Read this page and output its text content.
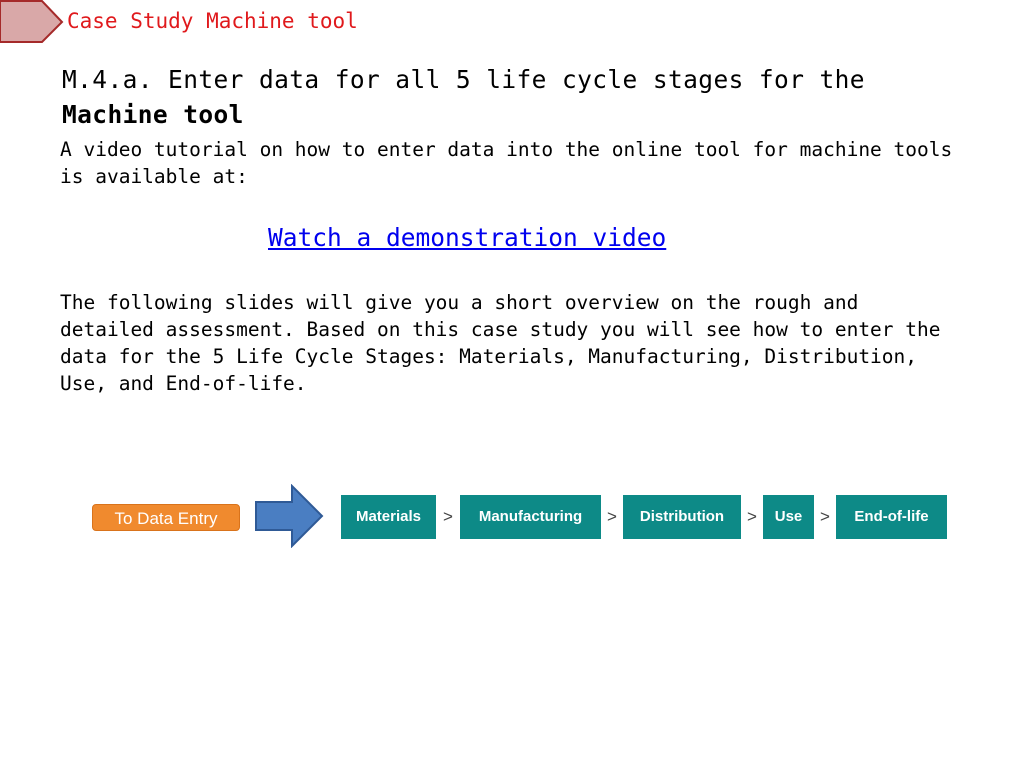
Case Study Machine tool
M.4.a. Enter data for all 5 life cycle stages for the Machine tool
A video tutorial on how to enter data into the online tool for machine tools is available at:
Watch a demonstration video
The following slides will give you a short overview on the rough and detailed assessment. Based on this case study you will see how to enter the data for the 5 Life Cycle Stages: Materials, Manufacturing, Distribution, Use, and End-of-life.
To Data Entry	Materials	>	Manufacturing	>	Distribution	>	Use	>	End-of-life
